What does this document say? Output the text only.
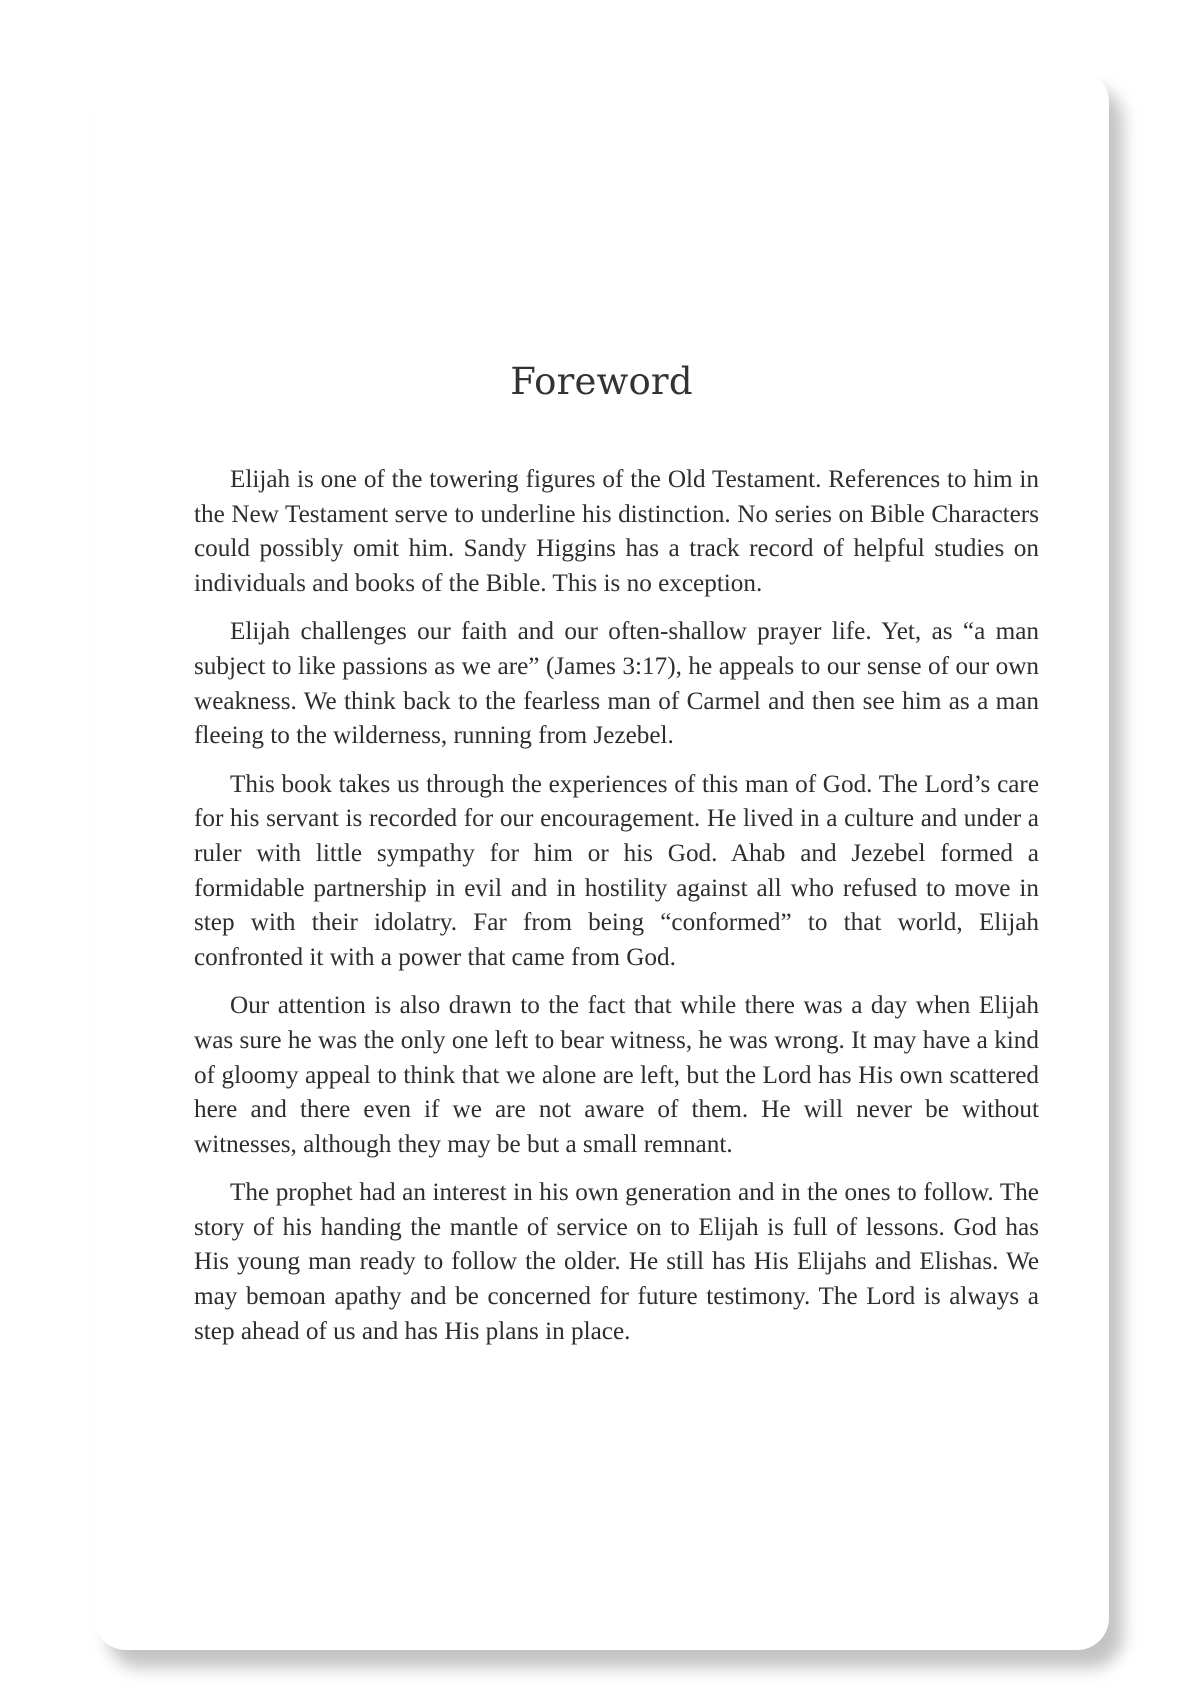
Foreword

Elijah is one of the towering figures of the Old Testament. References to him in the New Testament serve to underline his distinction. No series on Bible Characters could possibly omit him. Sandy Higgins has a track record of helpful studies on individuals and books of the Bible. This is no exception.

Elijah challenges our faith and our often-shallow prayer life. Yet, as “a man subject to like passions as we are” (James 3:17), he appeals to our sense of our own weakness. We think back to the fearless man of Carmel and then see him as a man fleeing to the wilderness, running from Jezebel.

This book takes us through the experiences of this man of God. The Lord’s care for his servant is recorded for our encouragement. He lived in a culture and under a ruler with little sympathy for him or his God. Ahab and Jezebel formed a formidable partnership in evil and in hostility against all who refused to move in step with their idolatry. Far from being “conformed” to that world, Elijah confronted it with a power that came from God.

Our attention is also drawn to the fact that while there was a day when Elijah was sure he was the only one left to bear witness, he was wrong. It may have a kind of gloomy appeal to think that we alone are left, but the Lord has His own scattered here and there even if we are not aware of them. He will never be without witnesses, although they may be but a small remnant.

The prophet had an interest in his own generation and in the ones to follow. The story of his handing the mantle of service on to Elijah is full of lessons. God has His young man ready to follow the older. He still has His Elijahs and Elishas. We may bemoan apathy and be concerned for future testimony. The Lord is always a step ahead of us and has His plans in place.
